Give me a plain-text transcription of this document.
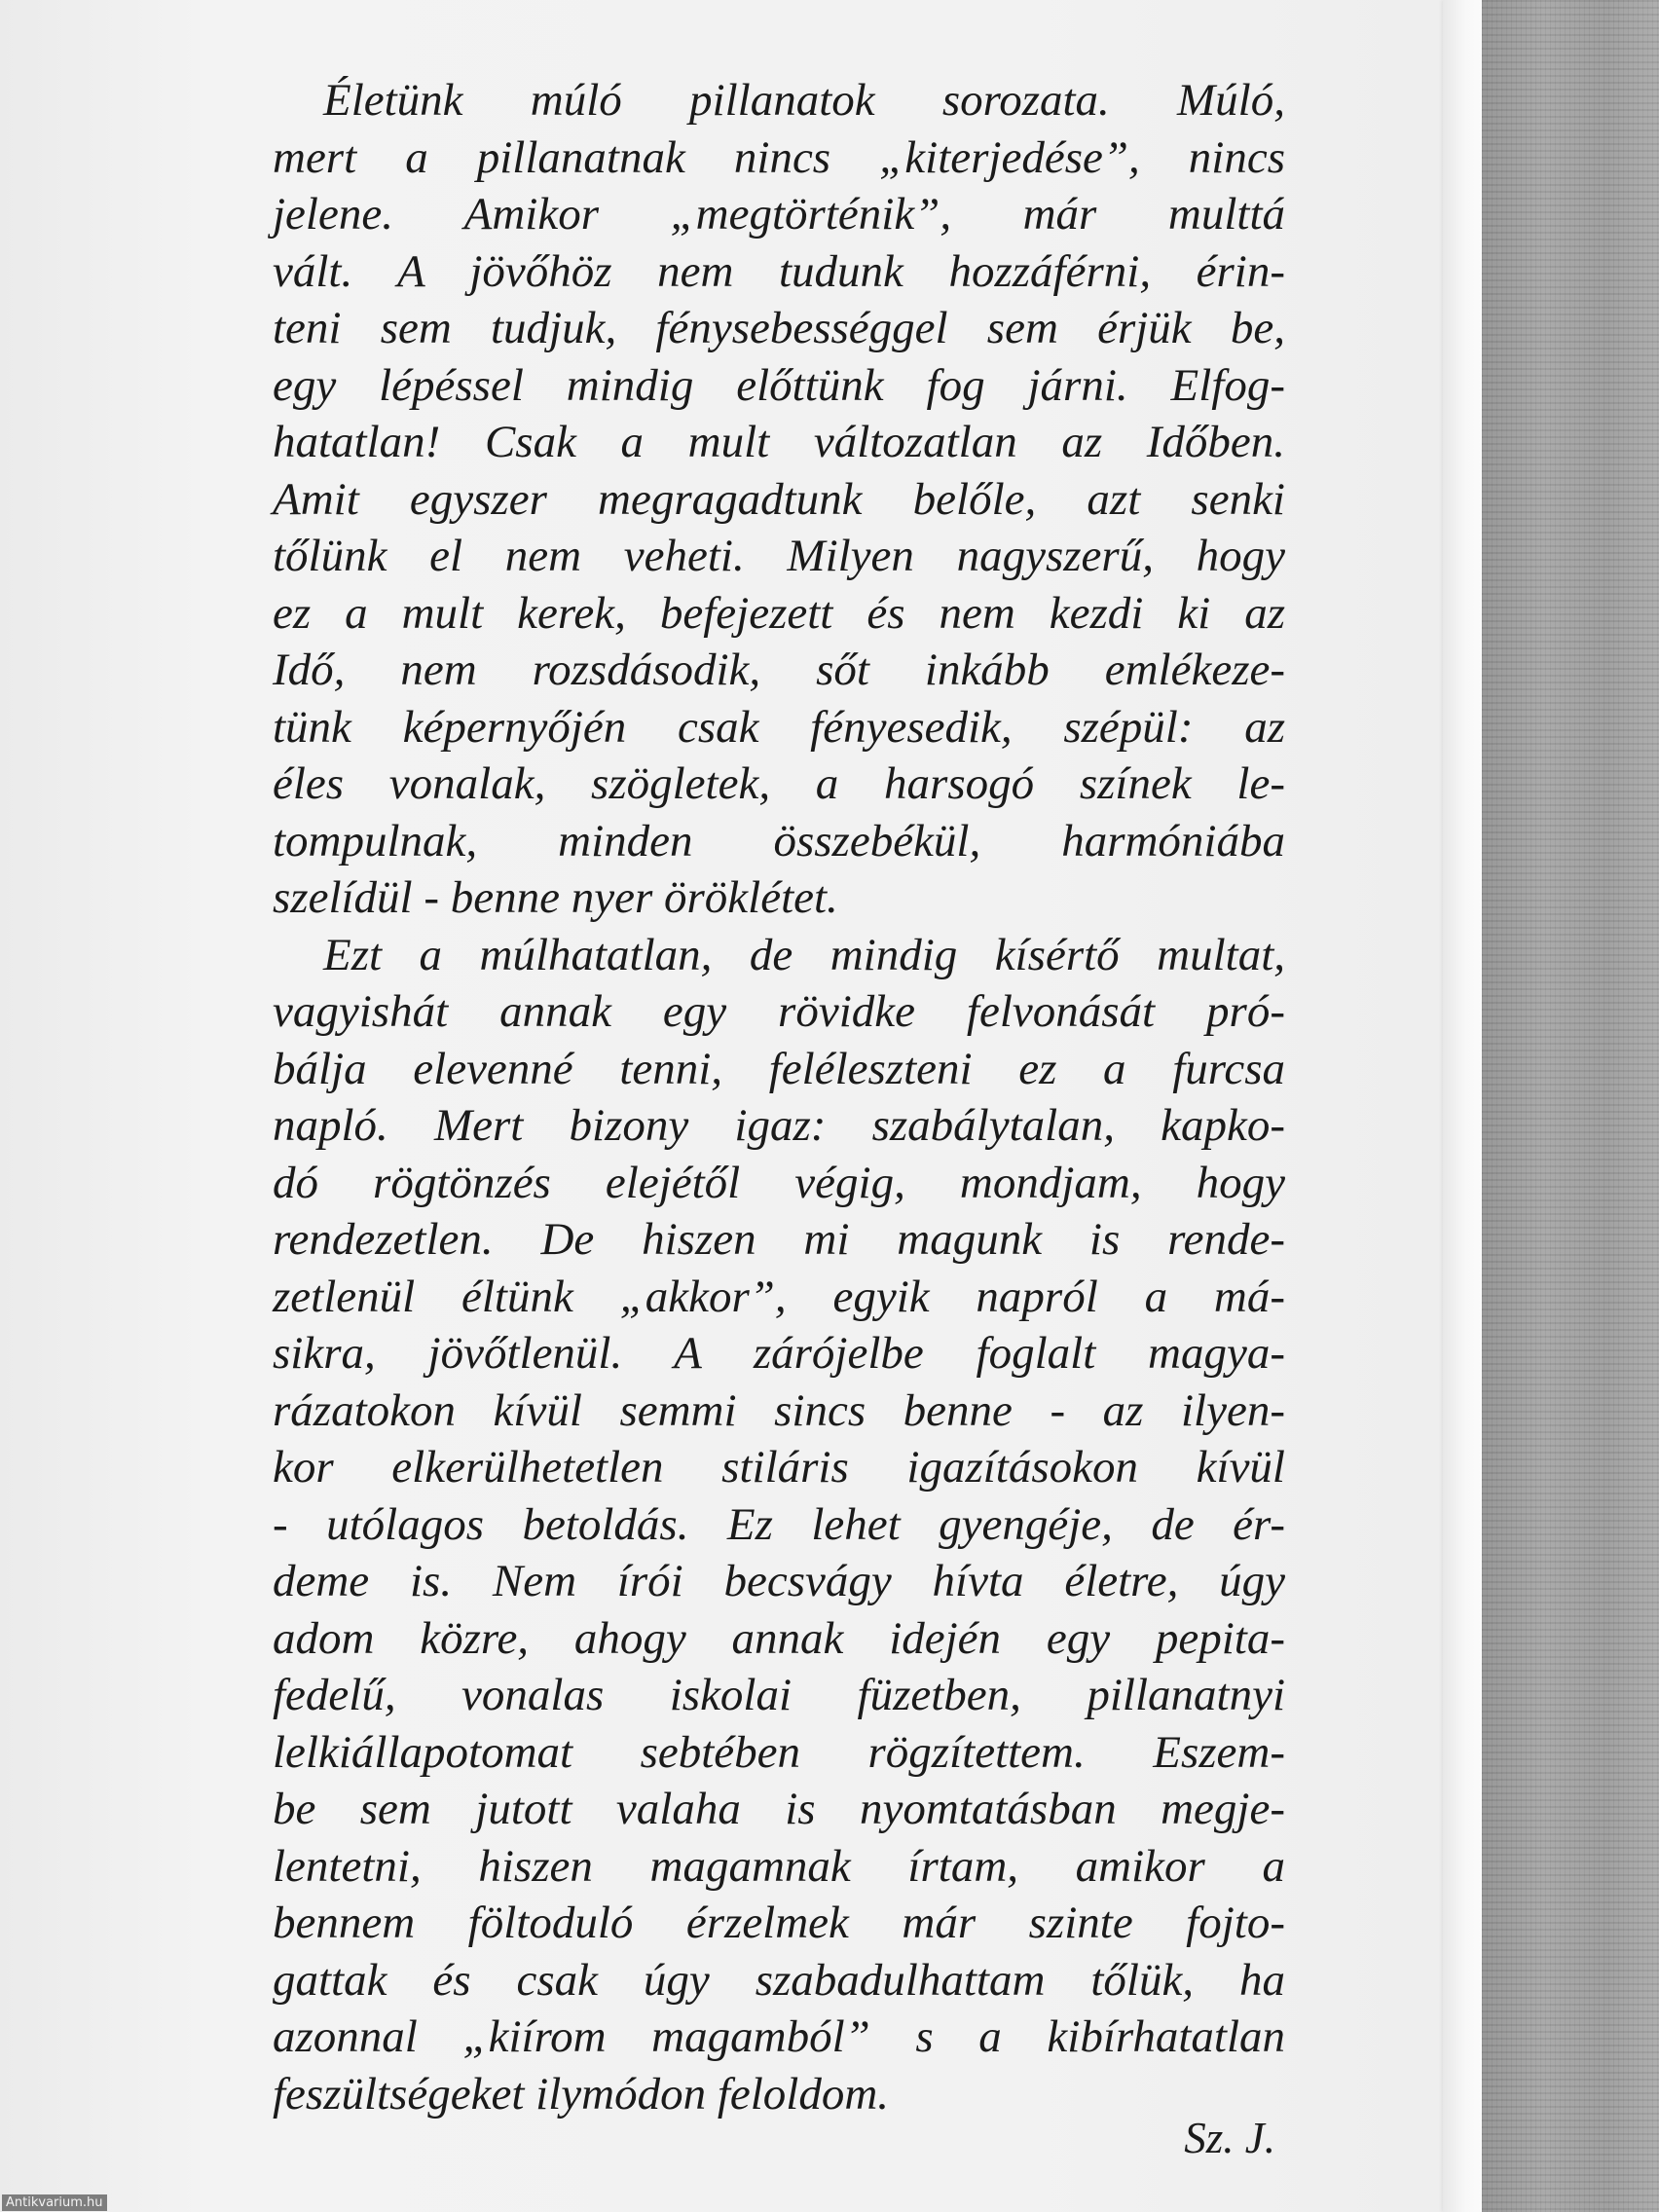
Életünk múló pillanatok sorozata. Múló,
mert a pillanatnak nincs „kiterjedése”, nincs
jelene. Amikor „megtörténik”, már multtá
vált. A jövőhöz nem tudunk hozzáférni, érin-
teni sem tudjuk, fénysebességgel sem érjük be,
egy lépéssel mindig előttünk fog járni. Elfog-
hatatlan! Csak a mult változatlan az Időben.
Amit egyszer megragadtunk belőle, azt senki
tőlünk el nem veheti. Milyen nagyszerű, hogy
ez a mult kerek, befejezett és nem kezdi ki az
Idő, nem rozsdásodik, sőt inkább emlékeze-
tünk képernyőjén csak fényesedik, szépül: az
éles vonalak, szögletek, a harsogó színek le-
tompulnak, minden összebékül, harmóniába
szelídül - benne nyer öröklétet.
Ezt a múlhatatlan, de mindig kísértő multat,
vagyishát annak egy rövidke felvonását pró-
bálja elevenné tenni, feléleszteni ez a furcsa
napló. Mert bizony igaz: szabálytalan, kapko-
dó rögtönzés elejétől végig, mondjam, hogy
rendezetlen. De hiszen mi magunk is rende-
zetlenül éltünk „akkor”, egyik napról a má-
sikra, jövőtlenül. A zárójelbe foglalt magya-
rázatokon kívül semmi sincs benne - az ilyen-
kor elkerülhetetlen stiláris igazításokon kívül
- utólagos betoldás. Ez lehet gyengéje, de ér-
deme is. Nem írói becsvágy hívta életre, úgy
adom közre, ahogy annak idején egy pepita-
fedelű, vonalas iskolai füzetben, pillanatnyi
lelkiállapotomat sebtében rögzítettem. Eszem-
be sem jutott valaha is nyomtatásban megje-
lentetni, hiszen magamnak írtam, amikor a
bennem föltoduló érzelmek már szinte fojto-
gattak és csak úgy szabadulhattam tőlük, ha
azonnal „kiírom magamból” s a kibírhatatlan
feszültségeket ilymódon feloldom.
Sz. J.
Antikvarium.hu
